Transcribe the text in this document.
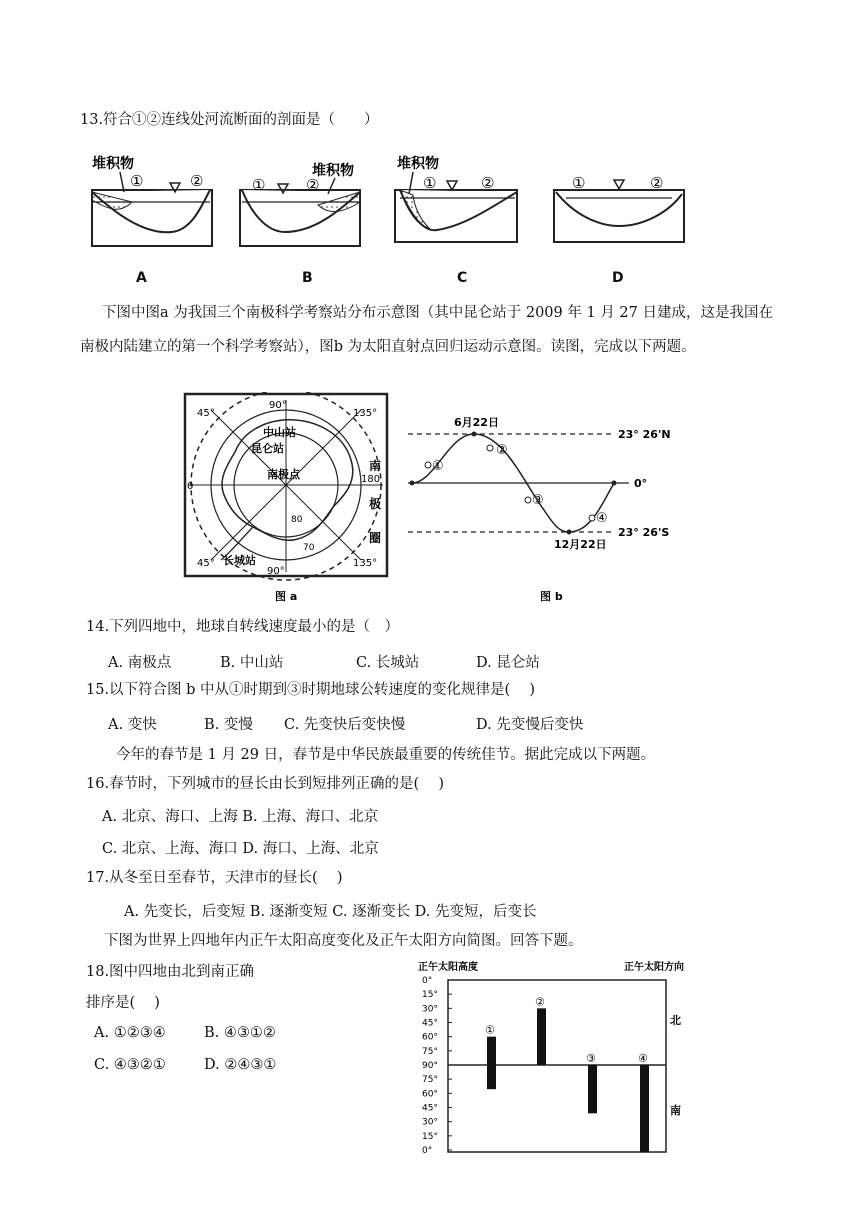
13.符合①②连线处河流断面的剖面是（　　）
堆积物
①	②
堆积物
①	②
堆积物
①	②	①	②
A	B	C	D
下图中图a 为我国三个南极科学考察站分布示意图（其中昆仑站于 2009 年 1 月 27 日建成，这是我国在南极内陆建立的第一个科学考察站），图b 为太阳直射点回归运动示意图。读图，完成以下两题。
90°
90°
45°	135°
45°	135°
0
180
80
70
中山站
昆仑站
南极点
长城站
南
极
圈
图 a
①
②
③
④
6月22日
12月22日
23° 26'N
0°
23° 26'S
图 b
14.下列四地中，地球自转线速度最小的是（　）
A. 南极点	B. 中山站	C. 长城站	D. 昆仑站
15.以下符合图 b 中从①时期到③时期地球公转速度的变化规律是(　 )
A. 变快	B. 变慢 C. 先变快后变快慢	D. 先变慢后变快
今年的春节是 1 月 29 日，春节是中华民族最重要的传统佳节。据此完成以下两题。
16.春节时，下列城市的昼长由长到短排列正确的是(　 )
A. 北京、海口、上海 B. 上海、海口、北京
C. 北京、上海、海口 D. 海口、上海、北京
17.从冬至日至春节，天津市的昼长(　 )
A. 先变长，后变短 B. 逐渐变短 C. 逐渐变长 D. 先变短，后变长
下图为世界上四地年内正午太阳高度变化及正午太阳方向简图。回答下题。
18.图中四地由北到南正确
排序是(　 )
A. ①②③④	B. ④③①②
C. ④③②①	D. ②④③①
正午太阳高度	正午太阳方向
北
南
0°
15°
30°
45°
60°
75°
90°
75°
60°
45°
30°
15°
0°
①
②
③	④
